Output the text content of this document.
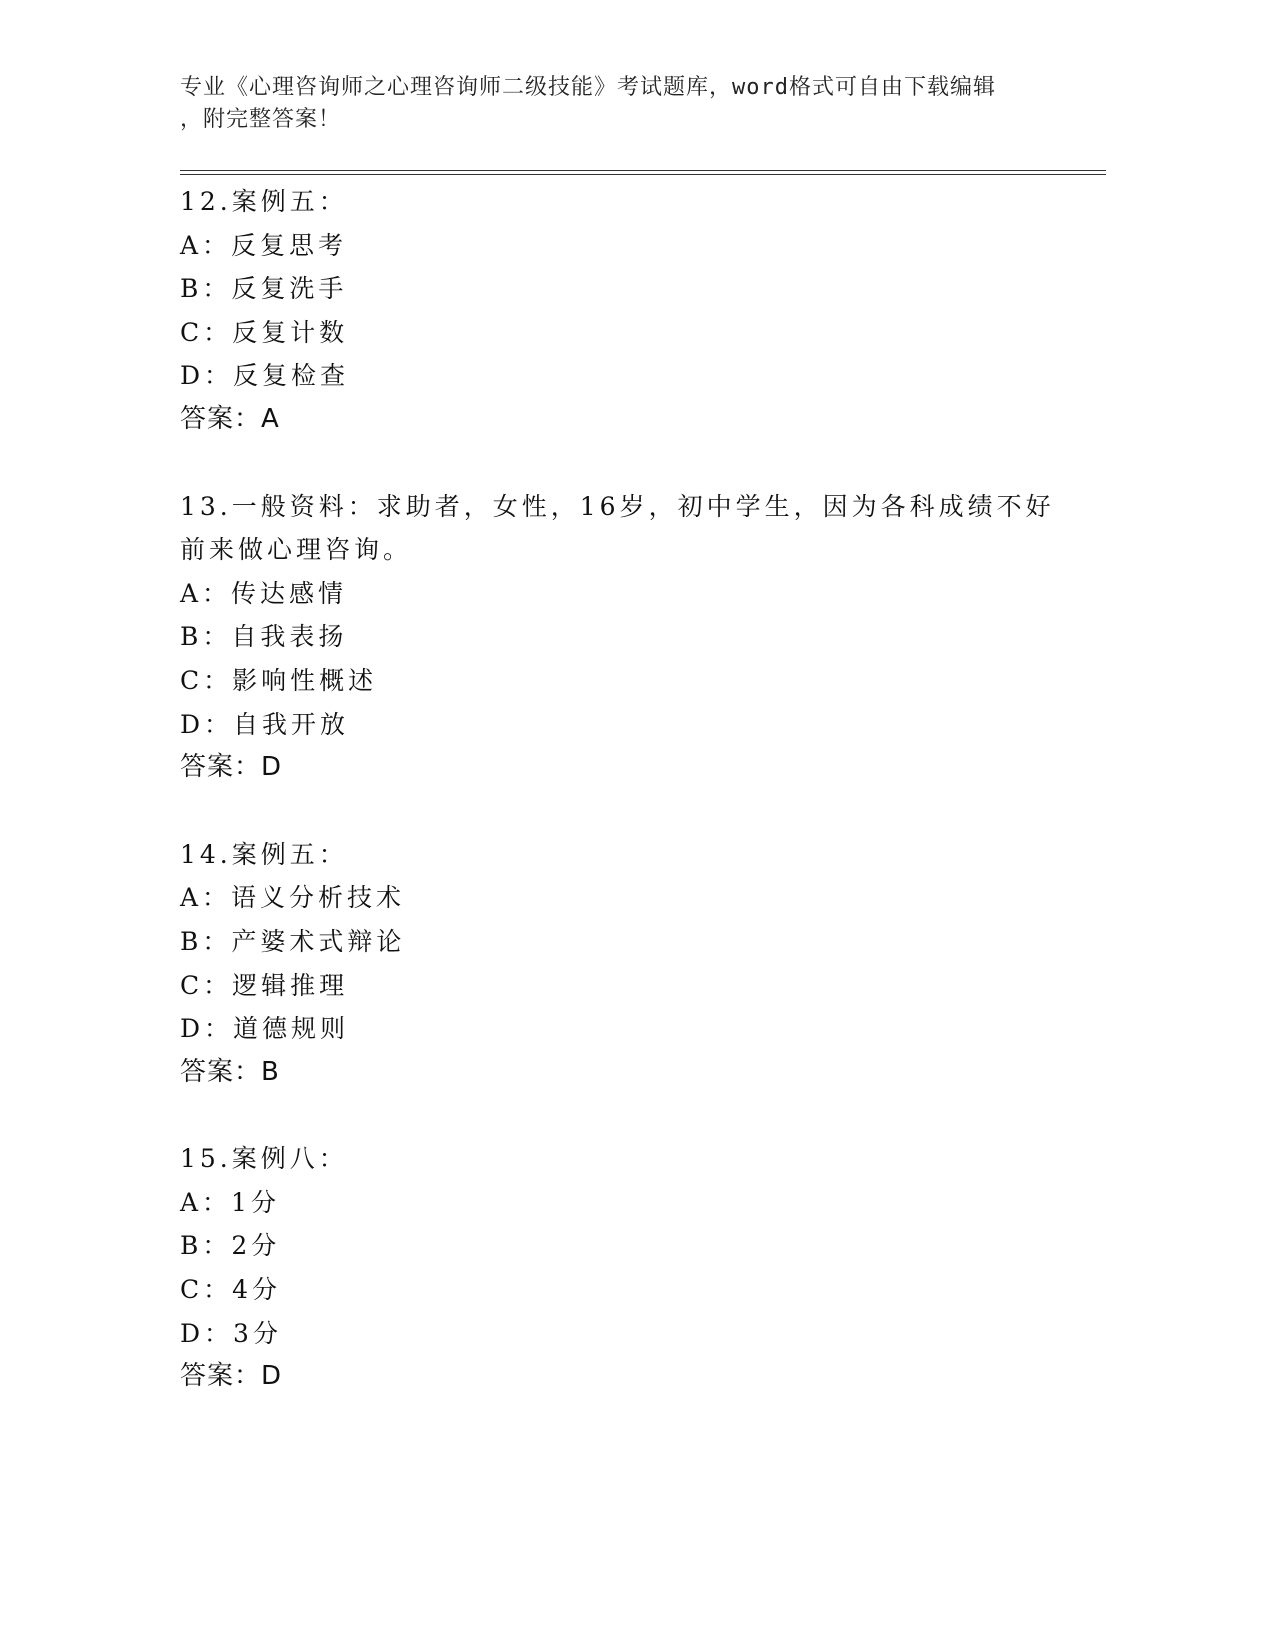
专业《心理咨询师之心理咨询师二级技能》考试题库，word格式可自由下载编辑
，附完整答案！
12.案例五：
A：反复思考
B：反复洗手
C：反复计数
D：反复检查
答案：A
13.一般资料：求助者，女性，16岁，初中学生，因为各科成绩不好前来做心理咨询。
A：传达感情
B：自我表扬
C：影响性概述
D：自我开放
答案：D
14.案例五：
A：语义分析技术
B：产婆术式辩论
C：逻辑推理
D：道德规则
答案：B
15.案例八：
A：1分
B：2分
C：4分
D：3分
答案：D
